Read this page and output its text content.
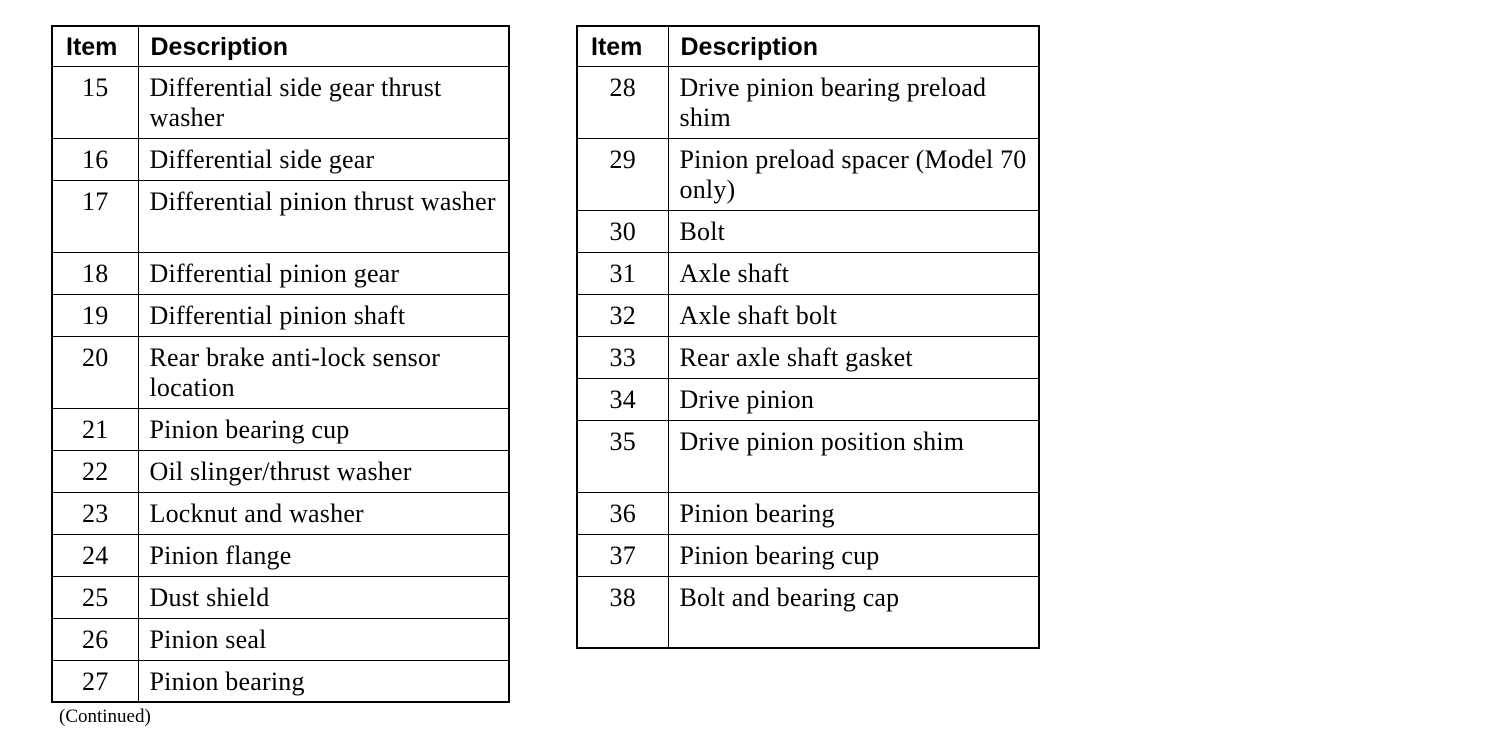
Item	Description
15	Differential side gear thrust washer
16	Differential side gear
17	Differential pinion thrust washer
18	Differential pinion gear
19	Differential pinion shaft
20	Rear brake anti-lock sensor location
21	Pinion bearing cup
22	Oil slinger/thrust washer
23	Locknut and washer
24	Pinion flange
25	Dust shield
26	Pinion seal
27	Pinion bearing
Item	Description
28	Drive pinion bearing preload shim
29	Pinion preload spacer (Model 70 only)
30	Bolt
31	Axle shaft
32	Axle shaft bolt
33	Rear axle shaft gasket
34	Drive pinion
35	Drive pinion position shim
36	Pinion bearing
37	Pinion bearing cup
38	Bolt and bearing cap
(Continued)
